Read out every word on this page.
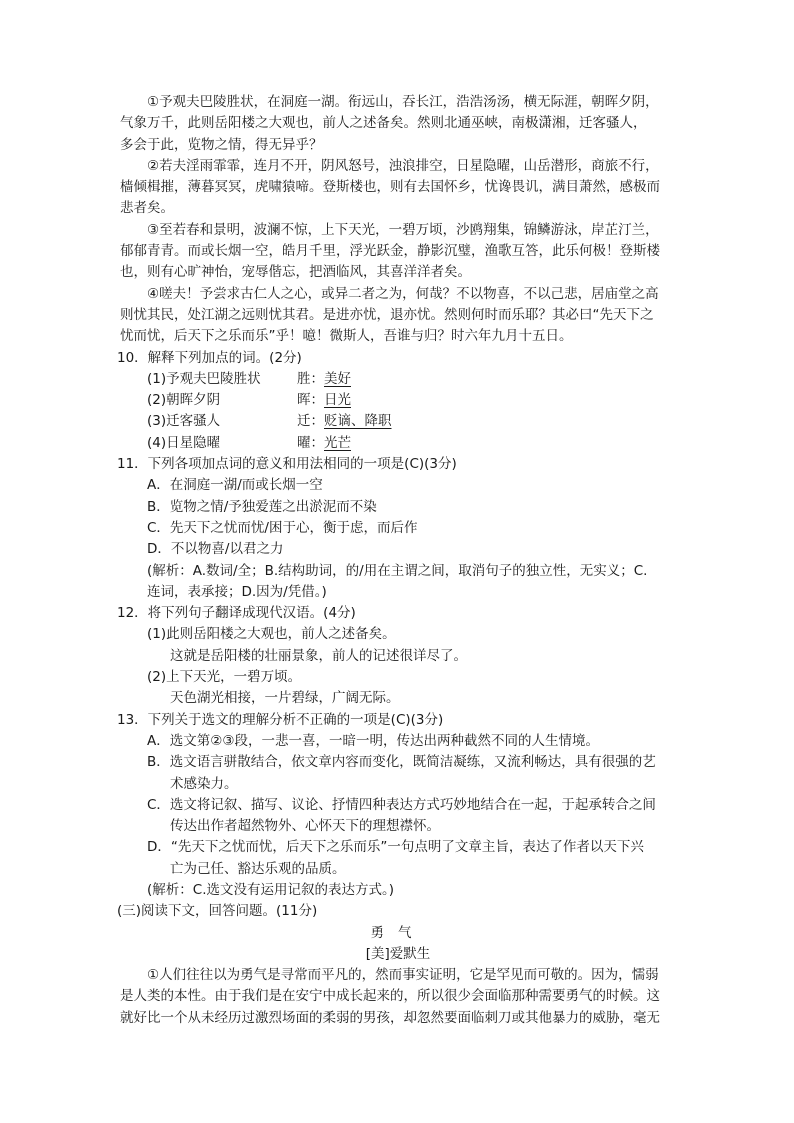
①予观夫巴陵胜状，在洞庭一湖。衔远山，吞长江，浩浩汤汤，横无际涯，朝晖夕阴，
气象万千，此则岳阳楼之大观也，前人之述备矣。然则北通巫峡，南极潇湘，迁客骚人，
多会于此，览物之情，得无异乎？
②若夫淫雨霏霏，连月不开，阴风怒号，浊浪排空，日星隐曜，山岳潜形，商旅不行，
樯倾楫摧，薄暮冥冥，虎啸猿啼。登斯楼也，则有去国怀乡，忧谗畏讥，满目萧然，感极而
悲者矣。
③至若春和景明，波澜不惊，上下天光，一碧万顷，沙鸥翔集，锦鳞游泳，岸芷汀兰，
郁郁青青。而或长烟一空，皓月千里，浮光跃金，静影沉璧，渔歌互答，此乐何极！登斯楼
也，则有心旷神怡，宠辱偕忘，把酒临风，其喜洋洋者矣。
④嗟夫！予尝求古仁人之心，或异二者之为，何哉？不以物喜，不以己悲，居庙堂之高
则忧其民，处江湖之远则忧其君。是进亦忧，退亦忧。然则何时而乐耶？其必曰“先天下之
忧而忧，后天下之乐而乐”乎！噫！微斯人，吾谁与归？时六年九月十五日。
10．解释下列加点的词。(2分)
(1)予观夫巴陵胜状	胜：美好
(2)朝晖夕阴	晖：日光
(3)迁客骚人	迁：贬谪、降职
(4)日星隐曜	曜：光芒
11．下列各项加点词的意义和用法相同的一项是(C)(3分)
A．在洞庭一湖/而或长烟一空
B．览物之情/予独爱莲之出淤泥而不染
C．先天下之忧而忧/困于心，衡于虑，而后作
D．不以物喜/以君之力
(解析：A.数词/全；B.结构助词，的/用在主谓之间，取消句子的独立性，无实义；C.
连词，表承接；D.因为/凭借。)
12．将下列句子翻译成现代汉语。(4分)
(1)此则岳阳楼之大观也，前人之述备矣。
这就是岳阳楼的壮丽景象，前人的记述很详尽了。
(2)上下天光，一碧万顷。
天色湖光相接，一片碧绿，广阔无际。
13．下列关于选文的理解分析不正确的一项是(C)(3分)
A．选文第②③段，一悲一喜，一暗一明，传达出两种截然不同的人生情境。
B．选文语言骈散结合，依文章内容而变化，既简洁凝练，又流利畅达，具有很强的艺
术感染力。
C．选文将记叙、描写、议论、抒情四种表达方式巧妙地结合在一起，于起承转合之间
传达出作者超然物外、心怀天下的理想襟怀。
D．“先天下之忧而忧，后天下之乐而乐”一句点明了文章主旨，表达了作者以天下兴
亡为己任、豁达乐观的品质。
(解析：C.选文没有运用记叙的表达方式。)
(三)阅读下文，回答问题。(11分)
勇气
[美]爱默生
①人们往往以为勇气是寻常而平凡的，然而事实证明，它是罕见而可敬的。因为，懦弱
是人类的本性。由于我们是在安宁中成长起来的，所以很少会面临那种需要勇气的时候。这
就好比一个从未经历过激烈场面的柔弱的男孩，却忽然要面临刺刀或其他暴力的威胁，毫无
